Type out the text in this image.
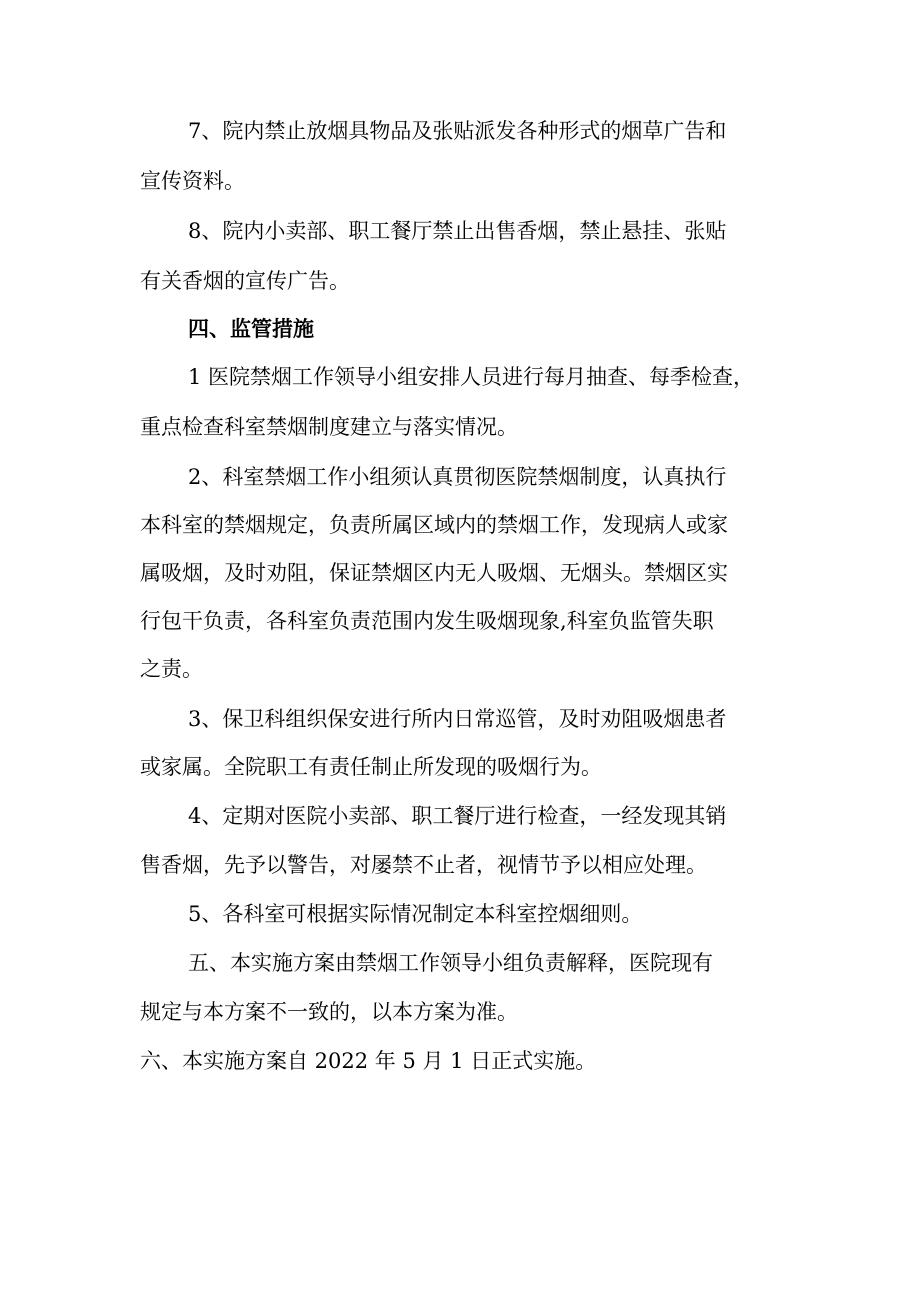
7、院内禁止放烟具物品及张贴派发各种形式的烟草广告和
宣传资料。
8、院内小卖部、职工餐厅禁止出售香烟，禁止悬挂、张贴
有关香烟的宣传广告。
四、监管措施
1 医院禁烟工作领导小组安排人员进行每月抽查、每季检查，
重点检查科室禁烟制度建立与落实情况。
2、科室禁烟工作小组须认真贯彻医院禁烟制度，认真执行
本科室的禁烟规定，负责所属区域内的禁烟工作，发现病人或家
属吸烟，及时劝阻，保证禁烟区内无人吸烟、无烟头。禁烟区实
行包干负责，各科室负责范围内发生吸烟现象,科室负监管失职
之责。
3、保卫科组织保安进行所内日常巡管，及时劝阻吸烟患者
或家属。全院职工有责任制止所发现的吸烟行为。
4、定期对医院小卖部、职工餐厅进行检查，一经发现其销
售香烟，先予以警告，对屡禁不止者，视情节予以相应处理。
5、各科室可根据实际情况制定本科室控烟细则。
五、本实施方案由禁烟工作领导小组负责解释，医院现有
规定与本方案不一致的，以本方案为准。
六、本实施方案自 2022 年 5 月 1 日正式实施。
